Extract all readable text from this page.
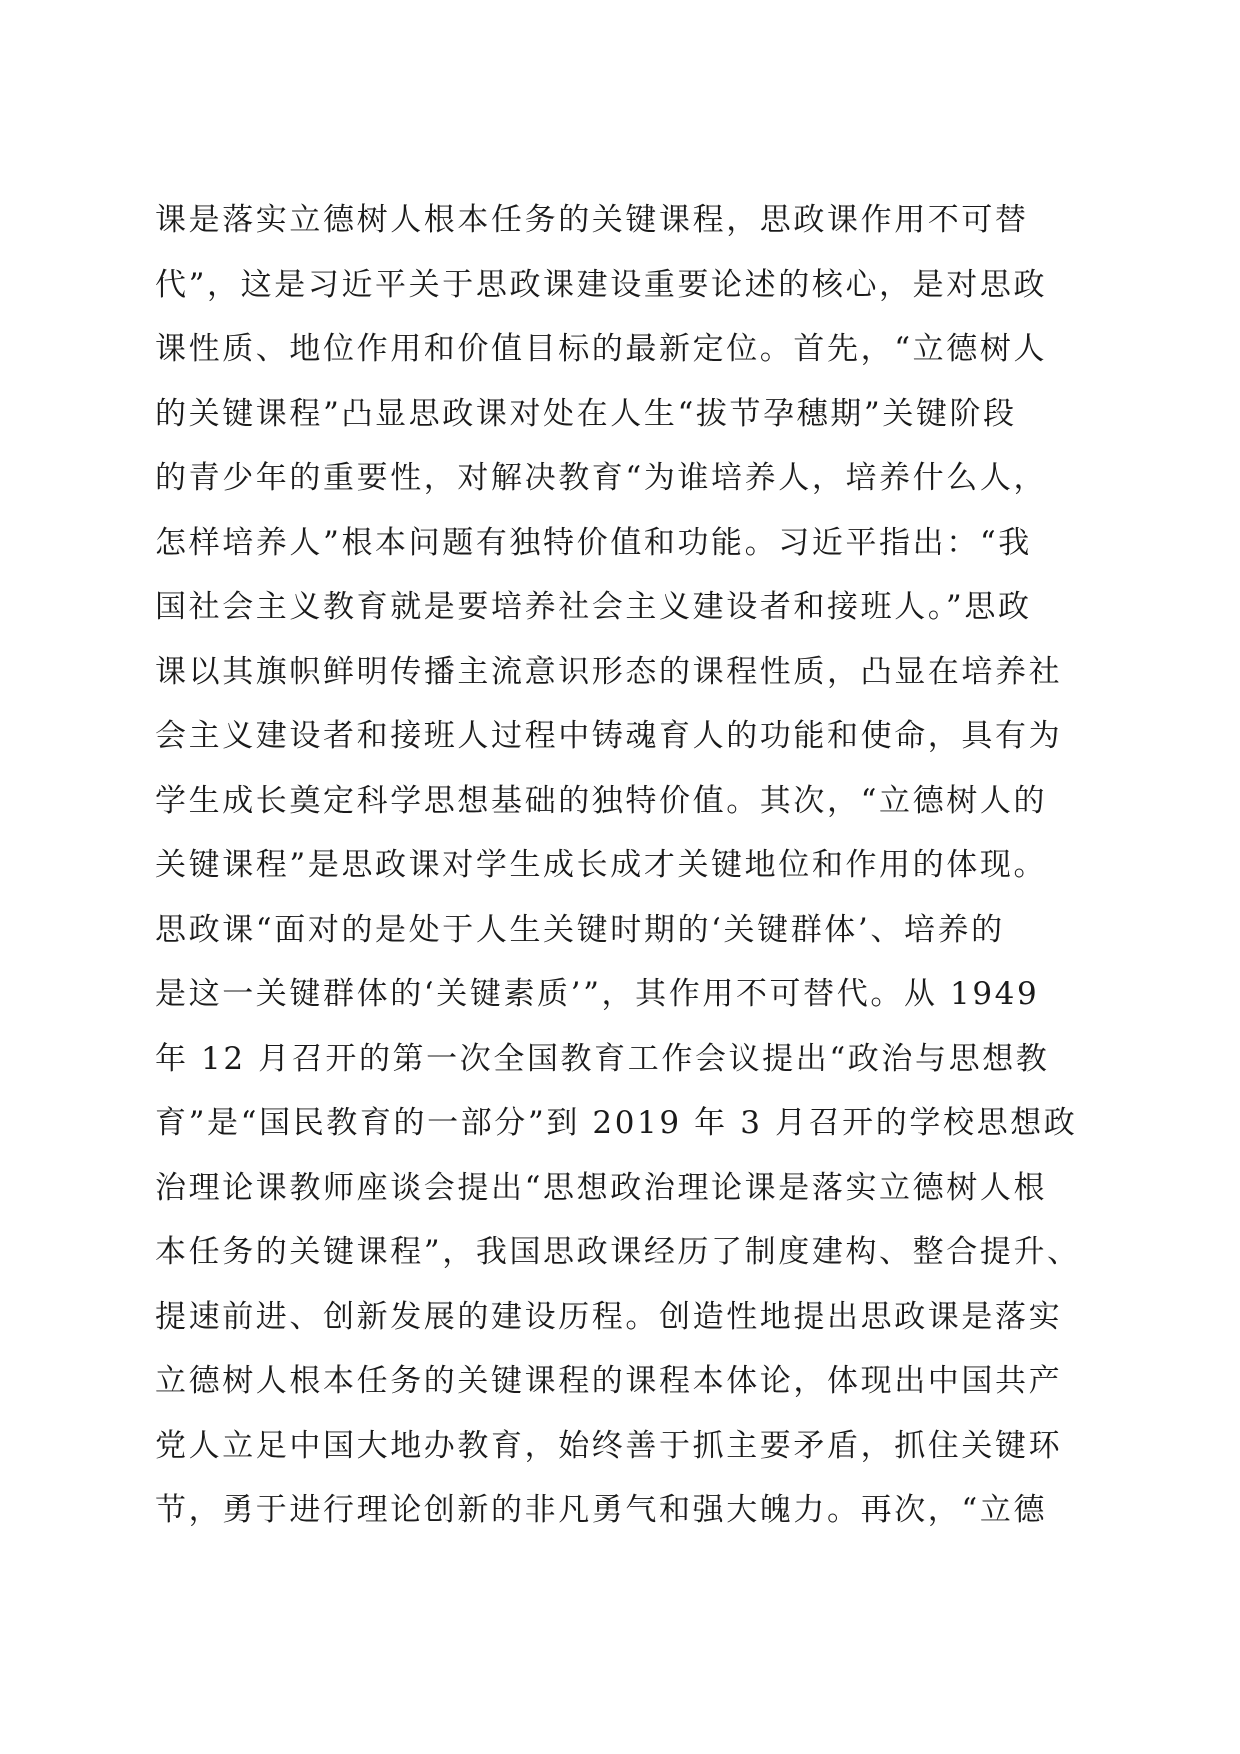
课是落实立德树人根本任务的关键课程，思政课作用不可替
代”，这是习近平关于思政课建设重要论述的核心，是对思政
课性质、地位作用和价值目标的最新定位。首先，“立德树人
的关键课程”凸显思政课对处在人生“拔节孕穗期”关键阶段
的青少年的重要性，对解决教育“为谁培养人，培养什么人，
怎样培养人”根本问题有独特价值和功能。习近平指出：“我
国社会主义教育就是要培养社会主义建设者和接班人。”思政
课以其旗帜鲜明传播主流意识形态的课程性质，凸显在培养社
会主义建设者和接班人过程中铸魂育人的功能和使命，具有为
学生成长奠定科学思想基础的独特价值。其次，“立德树人的
关键课程”是思政课对学生成长成才关键地位和作用的体现。
思政课“面对的是处于人生关键时期的‘关键群体’、培养的
是这一关键群体的‘关键素质’”，其作用不可替代。从 1949
年 12 月召开的第一次全国教育工作会议提出“政治与思想教
育”是“国民教育的一部分”到 2019 年 3 月召开的学校思想政
治理论课教师座谈会提出“思想政治理论课是落实立德树人根
本任务的关键课程”，我国思政课经历了制度建构、整合提升、
提速前进、创新发展的建设历程。创造性地提出思政课是落实
立德树人根本任务的关键课程的课程本体论，体现出中国共产
党人立足中国大地办教育，始终善于抓主要矛盾，抓住关键环
节，勇于进行理论创新的非凡勇气和强大魄力。再次，“立德
